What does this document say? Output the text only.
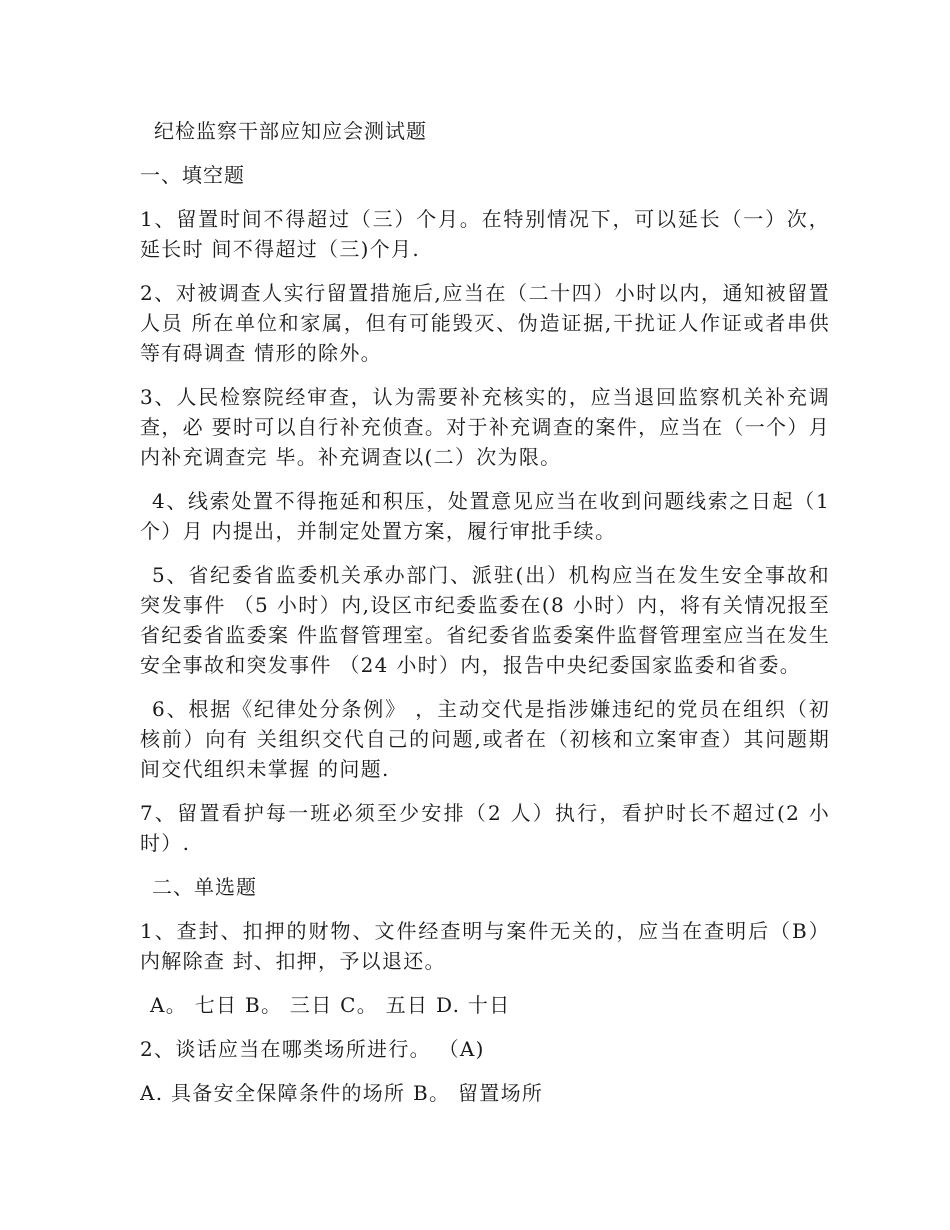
纪检监察干部应知应会测试题
一、填空题

1、留置时间不得超过（三）个月。在特别情况下，可以延长（一）次，延长时 间不得超过（三)个月.

2、对被调查人实行留置措施后,应当在（二十四）小时以内，通知被留置人员 所在单位和家属，但有可能毁灭、伪造证据,干扰证人作证或者串供等有碍调查 情形的除外。

3、人民检察院经审查，认为需要补充核实的，应当退回监察机关补充调查，必 要时可以自行补充侦查。对于补充调查的案件，应当在（一个）月内补充调查完 毕。补充调查以(二）次为限。

4、线索处置不得拖延和积压，处置意见应当在收到问题线索之日起（1 个）月 内提出，并制定处置方案，履行审批手续。

5、省纪委省监委机关承办部门、派驻(出）机构应当在发生安全事故和突发事件 （5 小时）内,设区市纪委监委在(8 小时）内，将有关情况报至省纪委省监委案 件监督管理室。省纪委省监委案件监督管理室应当在发生安全事故和突发事件 （24 小时）内，报告中央纪委国家监委和省委。

6、根据《纪律处分条例》 ，主动交代是指涉嫌违纪的党员在组织（初核前）向有 关组织交代自己的问题,或者在（初核和立案审查）其问题期间交代组织未掌握 的问题.

7、留置看护每一班必须至少安排（2 人）执行，看护时长不超过(2 小时）.

二、单选题

1、查封、扣押的财物、文件经查明与案件无关的，应当在查明后（B）内解除查 封、扣押，予以退还。

A。 七日 B。 三日 C。 五日 D. 十日

2、谈话应当在哪类场所进行。 （A)

A. 具备安全保障条件的场所 B。 留置场所
